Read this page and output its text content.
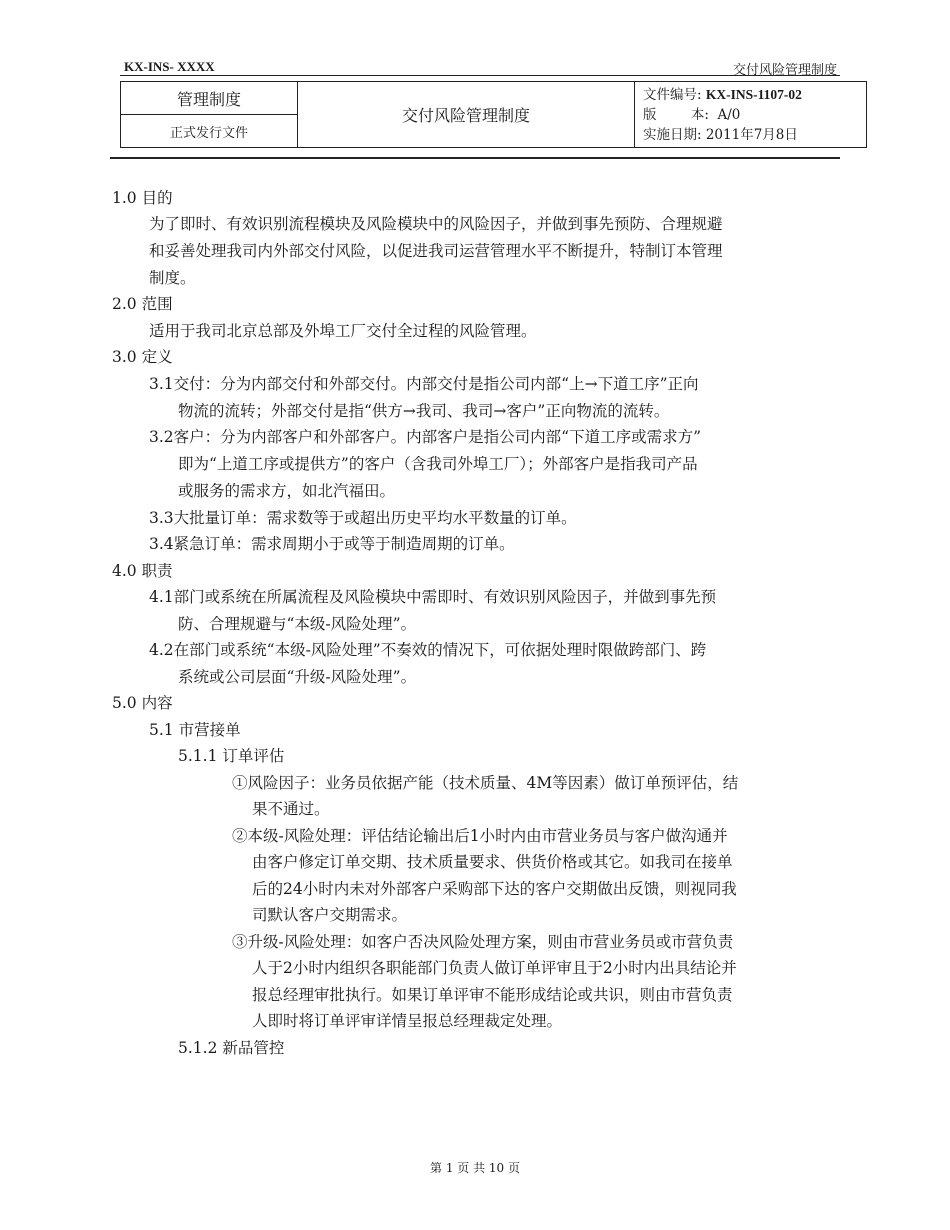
KX-INS- XXXX	交付风险管理制度
管理制度	交付风险管理制度	
文件编号: KX-INS-1107-02
版        本: A/0
实施日期: 2011年7月8日

正式发行文件
1.0 目的
为了即时、有效识别流程模块及风险模块中的风险因子，并做到事先预防、合理规避
和妥善处理我司内外部交付风险，以促进我司运营管理水平不断提升，特制订本管理
制度。
2.0 范围
适用于我司北京总部及外埠工厂交付全过程的风险管理。
3.0 定义
3.1交付：分为内部交付和外部交付。内部交付是指公司内部“上→下道工序”正向
物流的流转；外部交付是指“供方→我司、我司→客户”正向物流的流转。
3.2客户：分为内部客户和外部客户。内部客户是指公司内部“下道工序或需求方”
即为“上道工序或提供方”的客户（含我司外埠工厂）；外部客户是指我司产品
或服务的需求方，如北汽福田。
3.3大批量订单：需求数等于或超出历史平均水平数量的订单。
3.4紧急订单：需求周期小于或等于制造周期的订单。
4.0 职责
4.1部门或系统在所属流程及风险模块中需即时、有效识别风险因子，并做到事先预
防、合理规避与“本级-风险处理”。
4.2在部门或系统“本级-风险处理”不奏效的情况下，可依据处理时限做跨部门、跨
系统或公司层面“升级-风险处理”。
5.0 内容
5.1 市营接单
5.1.1 订单评估
①风险因子：业务员依据产能（技术质量、4M等因素）做订单预评估，结
果不通过。
②本级-风险处理：评估结论输出后1小时内由市营业务员与客户做沟通并
由客户修定订单交期、技术质量要求、供货价格或其它。如我司在接单
后的24小时内未对外部客户采购部下达的客户交期做出反馈，则视同我
司默认客户交期需求。
③升级-风险处理：如客户否决风险处理方案，则由市营业务员或市营负责
人于2小时内组织各职能部门负责人做订单评审且于2小时内出具结论并
报总经理审批执行。如果订单评审不能形成结论或共识，则由市营负责
人即时将订单评审详情呈报总经理裁定处理。
5.1.2 新品管控
第 1 页 共 10 页
